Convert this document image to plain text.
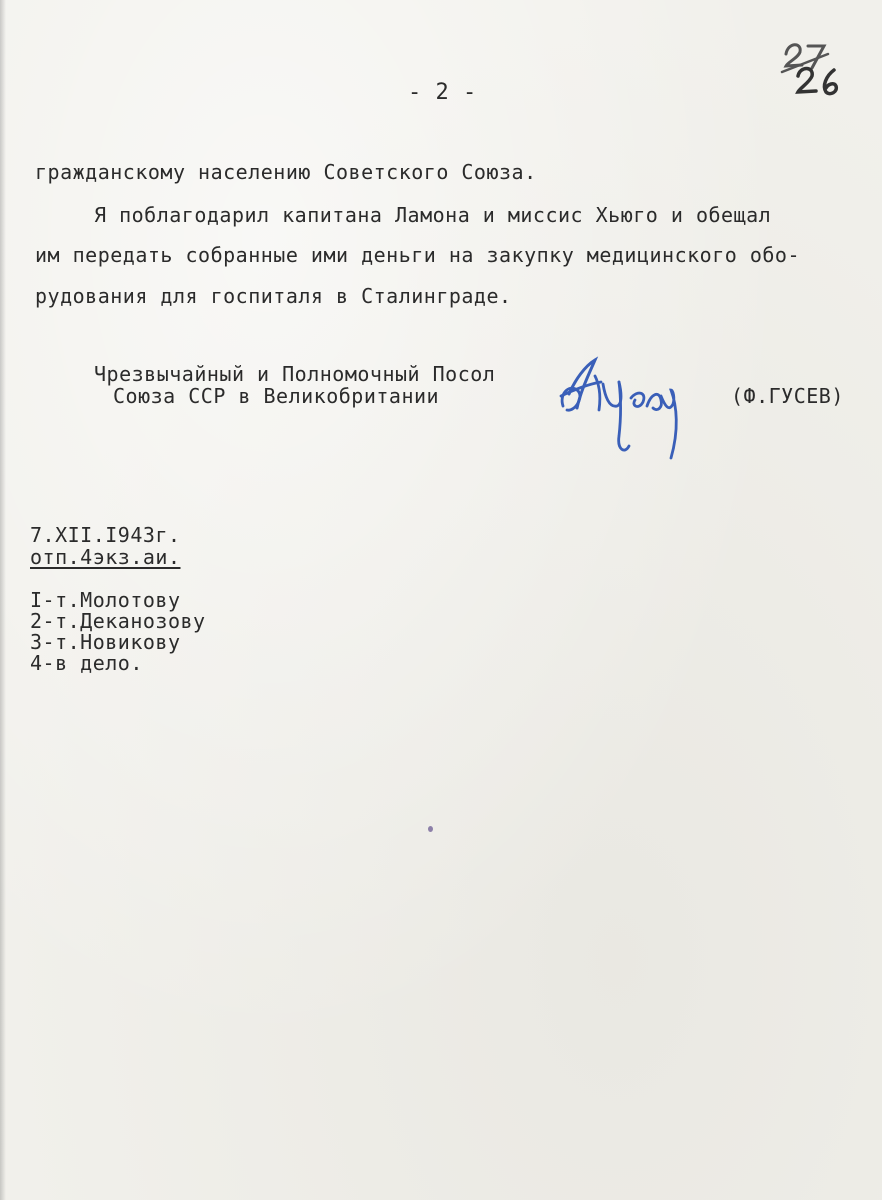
- 2 -
гражданскому населению Советского Союза.
Я поблагодарил капитана Ламона и миссис Хьюго и обещал
им передать собранные ими деньги на закупку медицинского обо-
рудования для госпиталя в Сталинграде.
Чрезвычайный и Полномочный Посол
Союза ССР в Великобритании	(Ф.ГУСЕВ)
7.XII.I943г.
отп.4экз.аи.
I-т.Молотову
2-т.Деканозову
3-т.Новикову
4-в дело.
